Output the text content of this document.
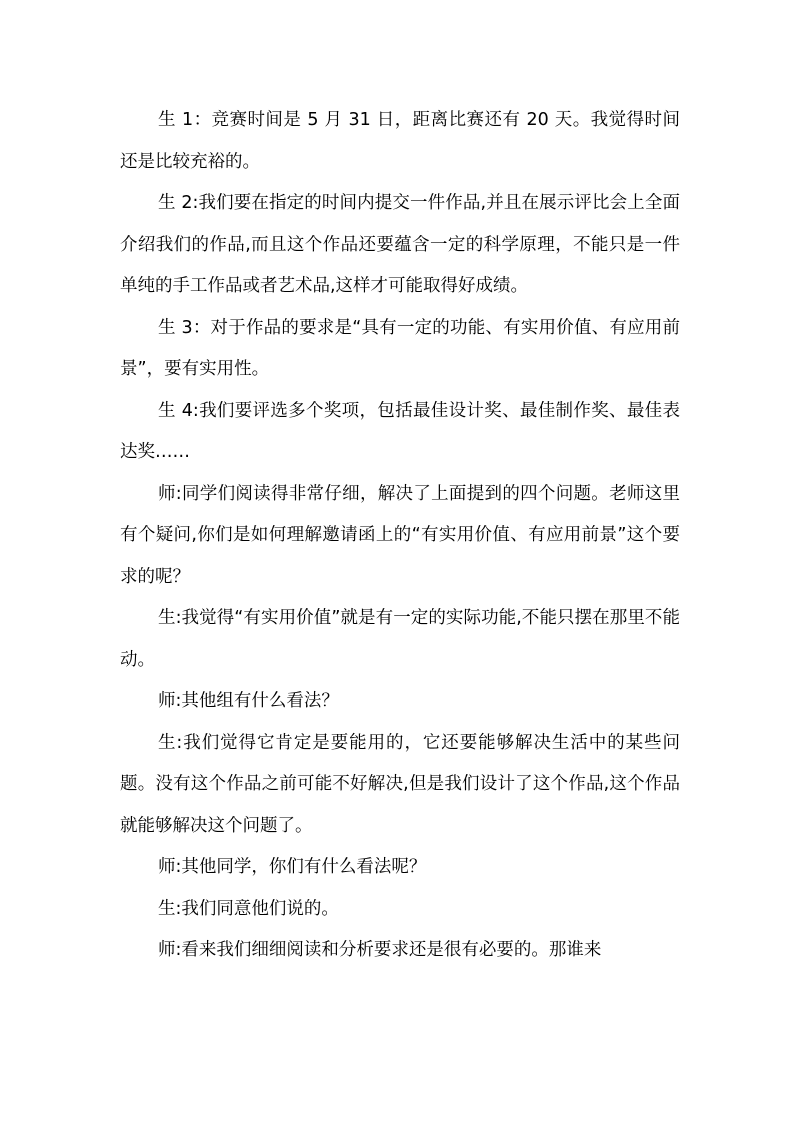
生 1：竞赛时间是 5 月 31 日，距离比赛还有 20 天。我觉得时间还是比较充裕的。

生 2:我们要在指定的时间内提交一件作品,并且在展示评比会上全面介绍我们的作品,而且这个作品还要蕴含一定的科学原理，不能只是一件单纯的手工作品或者艺术品,这样才可能取得好成绩。

生 3：对于作品的要求是“具有一定的功能、有实用价值、有应用前景”，要有实用性。

生 4:我们要评选多个奖项，包括最佳设计奖、最佳制作奖、最佳表达奖……

师:同学们阅读得非常仔细，解决了上面提到的四个问题。老师这里有个疑问,你们是如何理解邀请函上的“有实用价值、有应用前景”这个要求的呢？

生:我觉得“有实用价值”就是有一定的实际功能,不能只摆在那里不能动。

师:其他组有什么看法？

生:我们觉得它肯定是要能用的，它还要能够解决生活中的某些问题。没有这个作品之前可能不好解决,但是我们设计了这个作品,这个作品就能够解决这个问题了。

师:其他同学，你们有什么看法呢？

生:我们同意他们说的。

师:看来我们细细阅读和分析要求还是很有必要的。那谁来
